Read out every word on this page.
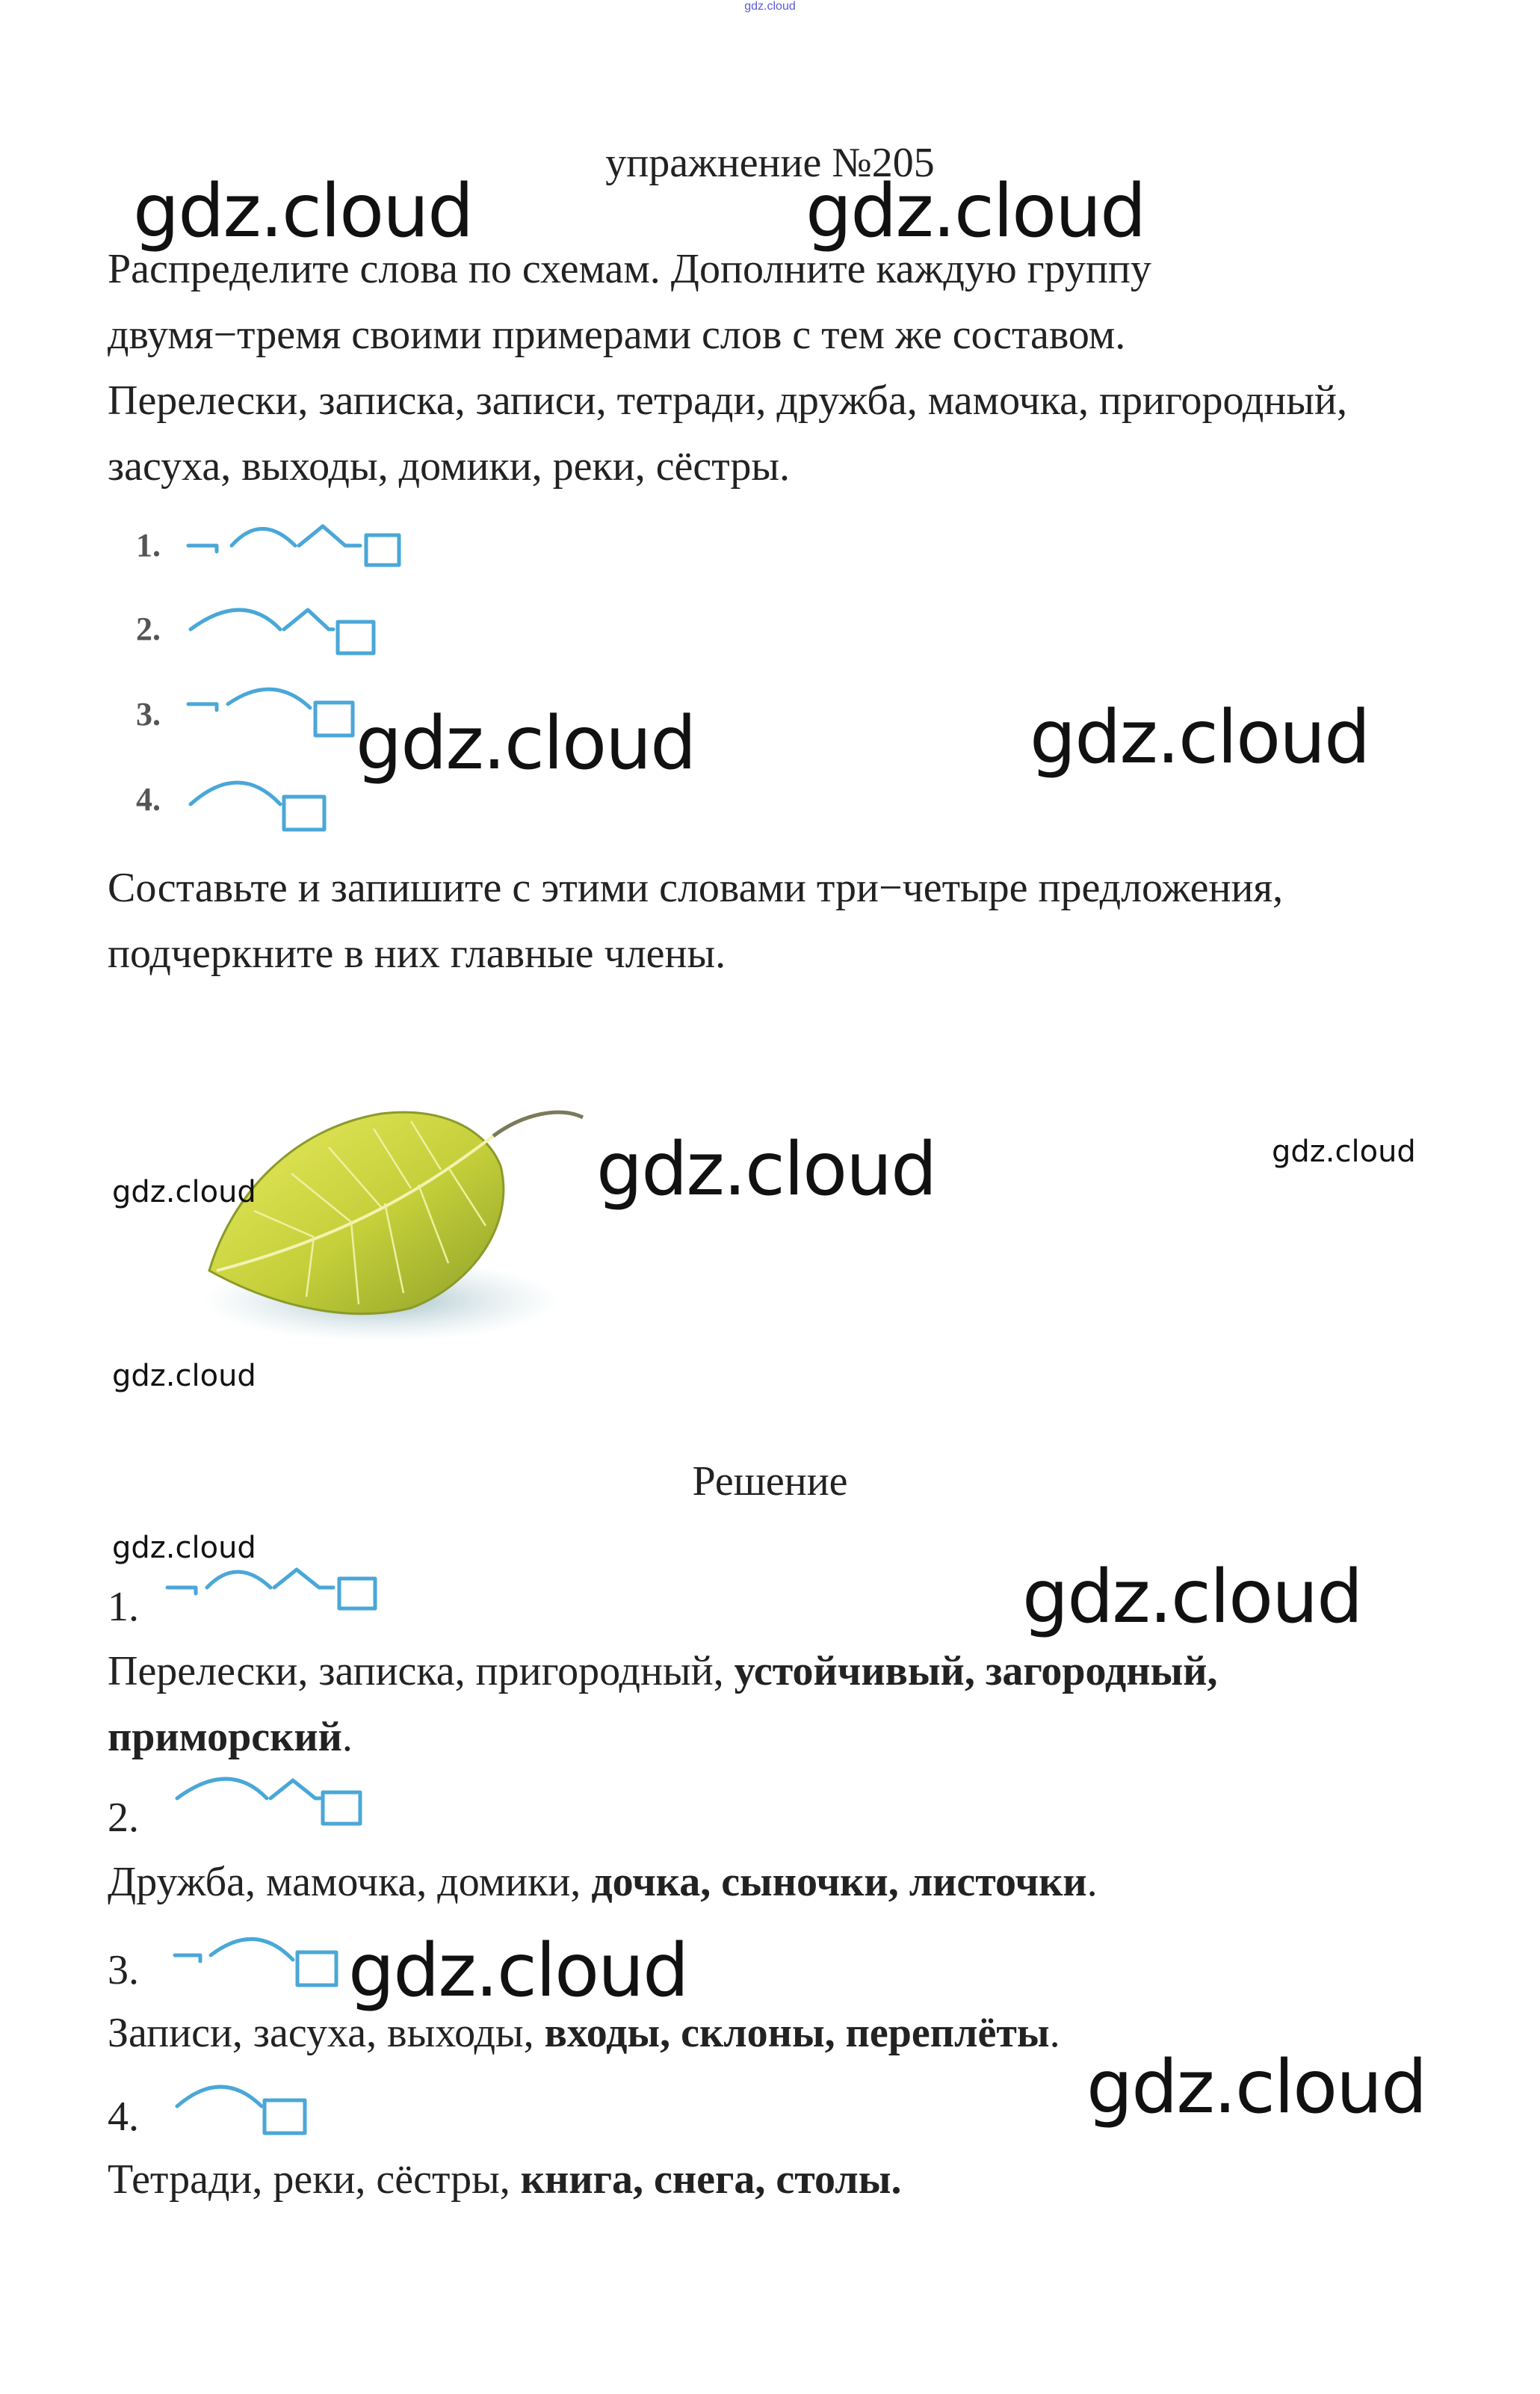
gdz.cloud
упражнение №205
Распределите слова по схемам. Дополните каждую группу
двумя−тремя своими примерами слов с тем же составом.
Перелески, записка, записи, тетради, дружба, мамочка, пригородный,
засуха, выходы, домики, реки, сёстры.
1.
2.
3.
4.
Составьте и запишите с этими словами три−четыре предложения,
подчеркните в них главные члены.
Решение
1.
Перелески, записка, пригородный, устойчивый, загородный,
приморский.
2.
Дружба, мамочка, домики, дочка, сыночки, листочки.
3.
Записи, засуха, выходы, входы, склоны, переплёты.
4.
Тетради, реки, сёстры, книга, снега, столы.
gdz.cloud	gdz.cloud
gdz.cloud	gdz.cloud
gdz.cloud	gdz.cloud
gdz.cloud
gdz.cloud
gdz.cloud
gdz.cloud
gdz.cloud
gdz.cloud
